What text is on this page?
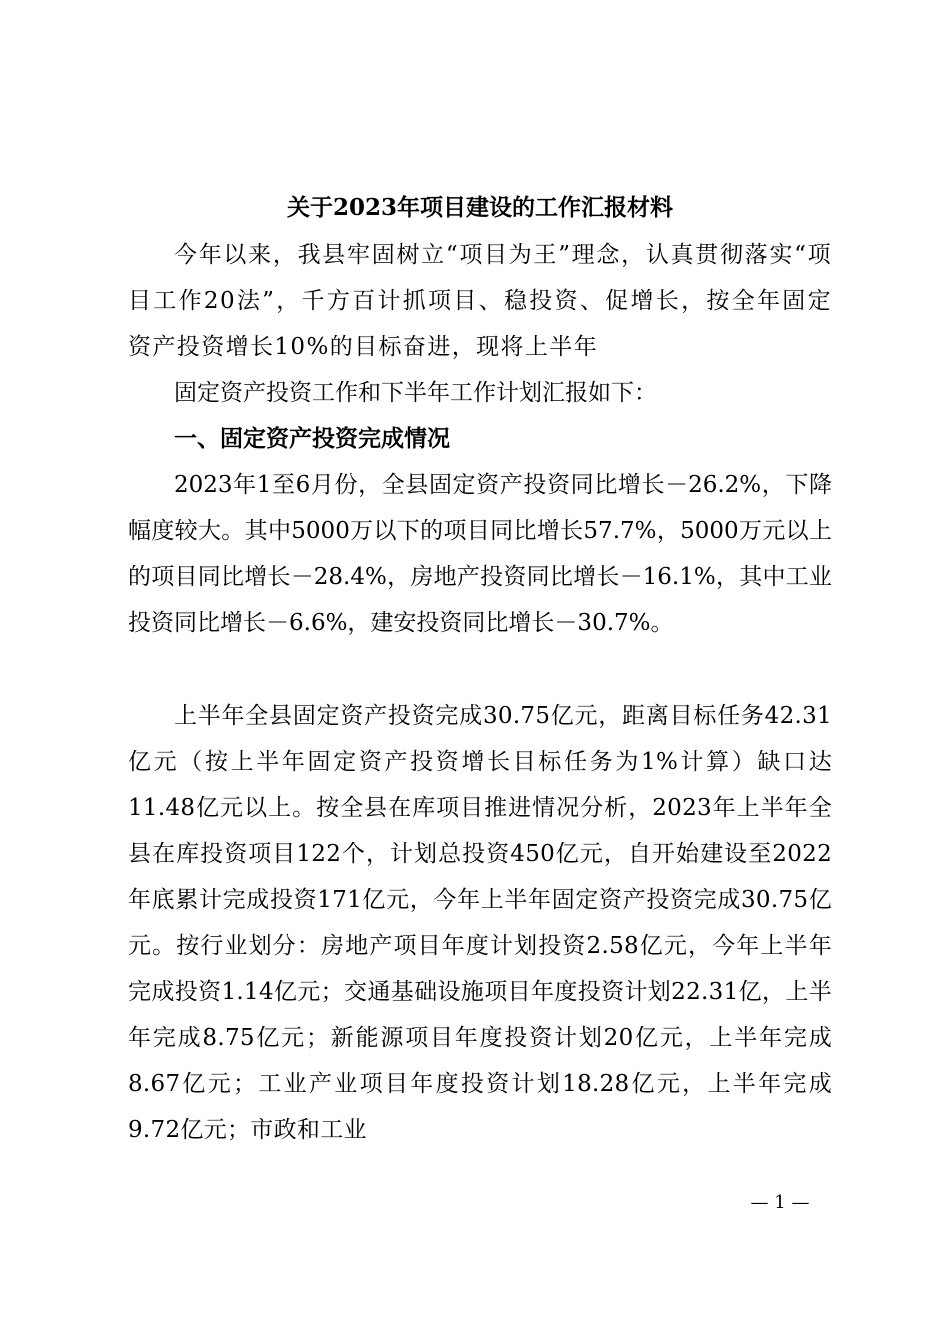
关于2023年项目建设的工作汇报材料
今年以来，我县牢固树立“项目为王”理念，认真贯彻落实“项目工作20法”，千方百计抓项目、稳投资、促增长，按全年固定资产投资增长10%的目标奋进，现将上半年
固定资产投资工作和下半年工作计划汇报如下：
一、固定资产投资完成情况
2023年1至6月份，全县固定资产投资同比增长－26.2%，下降幅度较大。其中5000万以下的项目同比增长57.7%，5000万元以上的项目同比增长－28.4%，房地产投资同比增长－16.1%，其中工业投资同比增长－6.6%，建安投资同比增长－30.7%。
上半年全县固定资产投资完成30.75亿元，距离目标任务42.31亿元（按上半年固定资产投资增长目标任务为1%计算）缺口达11.48亿元以上。按全县在库项目推进情况分析，2023年上半年全县在库投资项目122个，计划总投资450亿元，自开始建设至2022年底累计完成投资171亿元，今年上半年固定资产投资完成30.75亿元。按行业划分：房地产项目年度计划投资2.58亿元，今年上半年完成投资1.14亿元；交通基础设施项目年度投资计划22.31亿，上半年完成8.75亿元；新能源项目年度投资计划20亿元，上半年完成8.67亿元；工业产业项目年度投资计划18.28亿元，上半年完成9.72亿元；市政和工业
— 1 —
